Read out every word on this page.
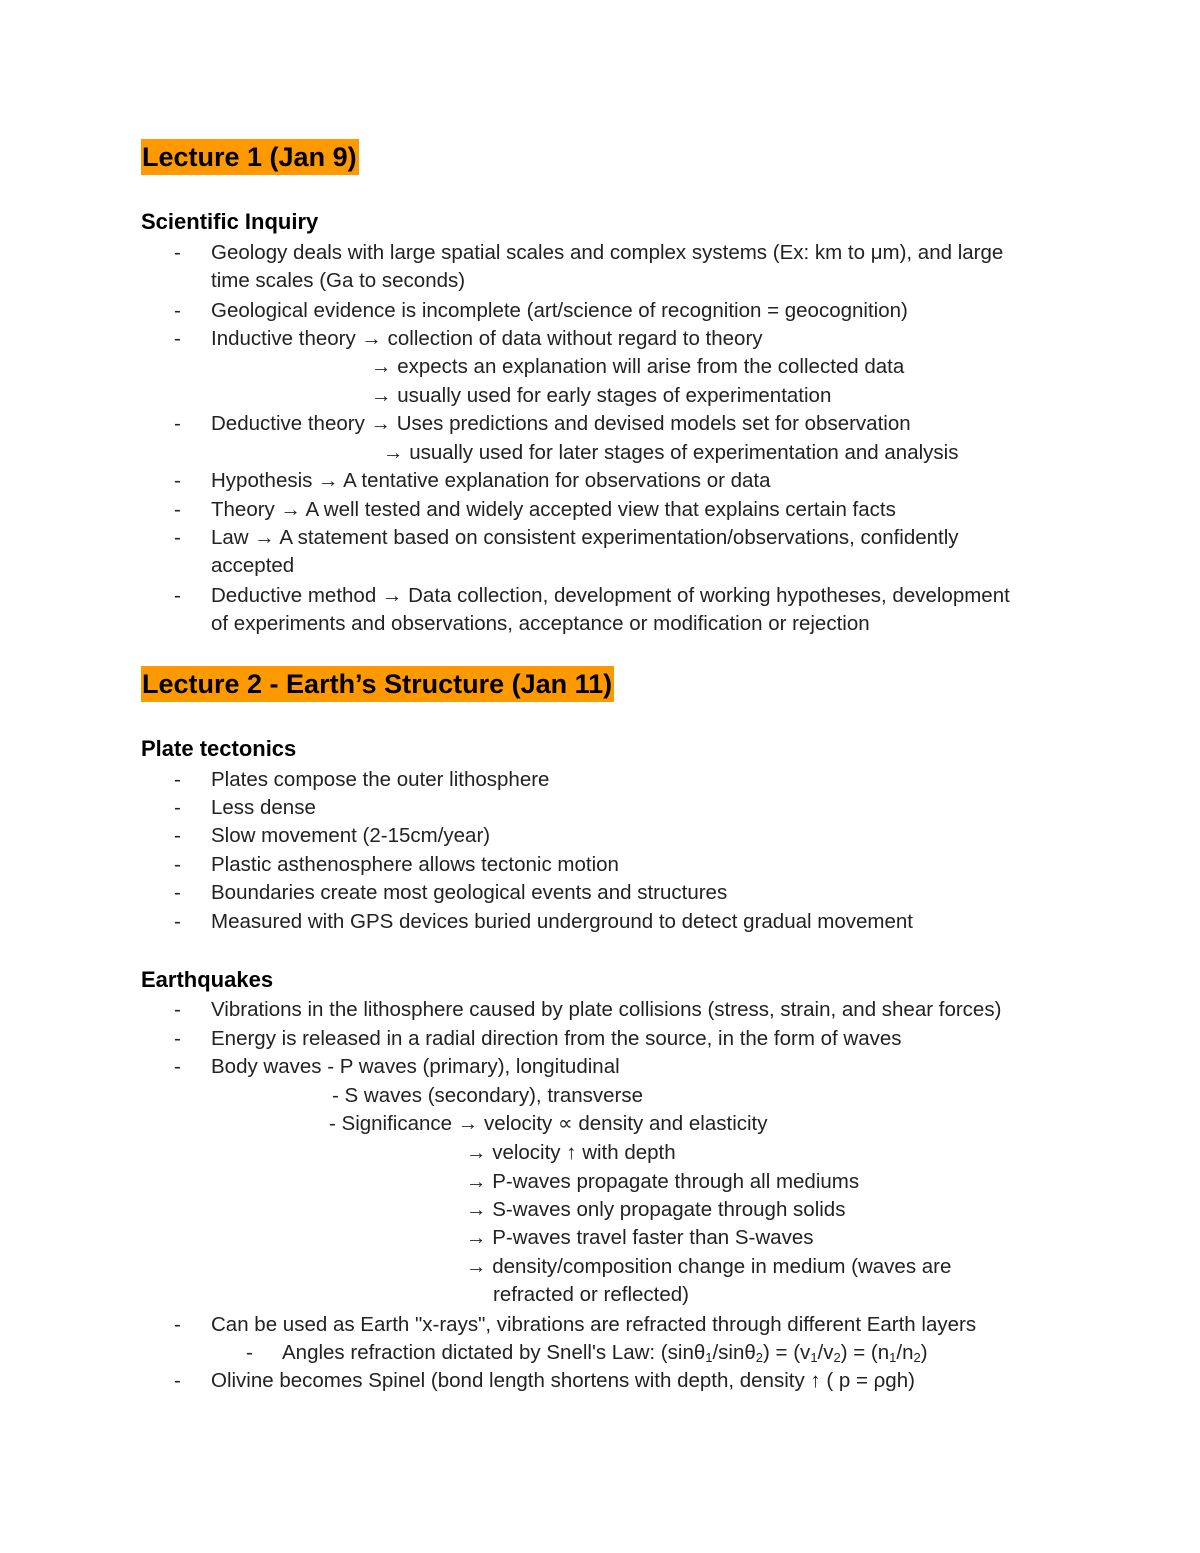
Lecture 1 (Jan 9)
Scientific Inquiry
- Geology deals with large spatial scales and complex systems (Ex: km to μm), and large
time scales (Ga to seconds)
- Geological evidence is incomplete (art/science of recognition = geocognition)
- Inductive theory → collection of data without regard to theory
→ expects an explanation will arise from the collected data
→ usually used for early stages of experimentation
- Deductive theory → Uses predictions and devised models set for observation
→ usually used for later stages of experimentation and analysis
- Hypothesis → A tentative explanation for observations or data
- Theory → A well tested and widely accepted view that explains certain facts
- Law → A statement based on consistent experimentation/observations, confidently
accepted
- Deductive method → Data collection, development of working hypotheses, development
of experiments and observations, acceptance or modification or rejection
Lecture 2 - Earth’s Structure (Jan 11)
Plate tectonics
- Plates compose the outer lithosphere
- Less dense
- Slow movement (2-15cm/year)
- Plastic asthenosphere allows tectonic motion
- Boundaries create most geological events and structures
- Measured with GPS devices buried underground to detect gradual movement
Earthquakes
- Vibrations in the lithosphere caused by plate collisions (stress, strain, and shear forces)
- Energy is released in a radial direction from the source, in the form of waves
- Body waves - P waves (primary), longitudinal
- S waves (secondary), transverse
- Significance → velocity ∝ density and elasticity
→ velocity ↑ with depth
→ P-waves propagate through all mediums
→ S-waves only propagate through solids
→ P-waves travel faster than S-waves
→ density/composition change in medium (waves are
refracted or reflected)
- Can be used as Earth "x-rays", vibrations are refracted through different Earth layers
- Angles refraction dictated by Snell's Law: $(\sin\theta_1/\sin\theta_2) = (v_1/v_2) = (n_1/n_2)$
- Olivine becomes Spinel (bond length shortens with depth, density ↑ ( p = ρgh)
